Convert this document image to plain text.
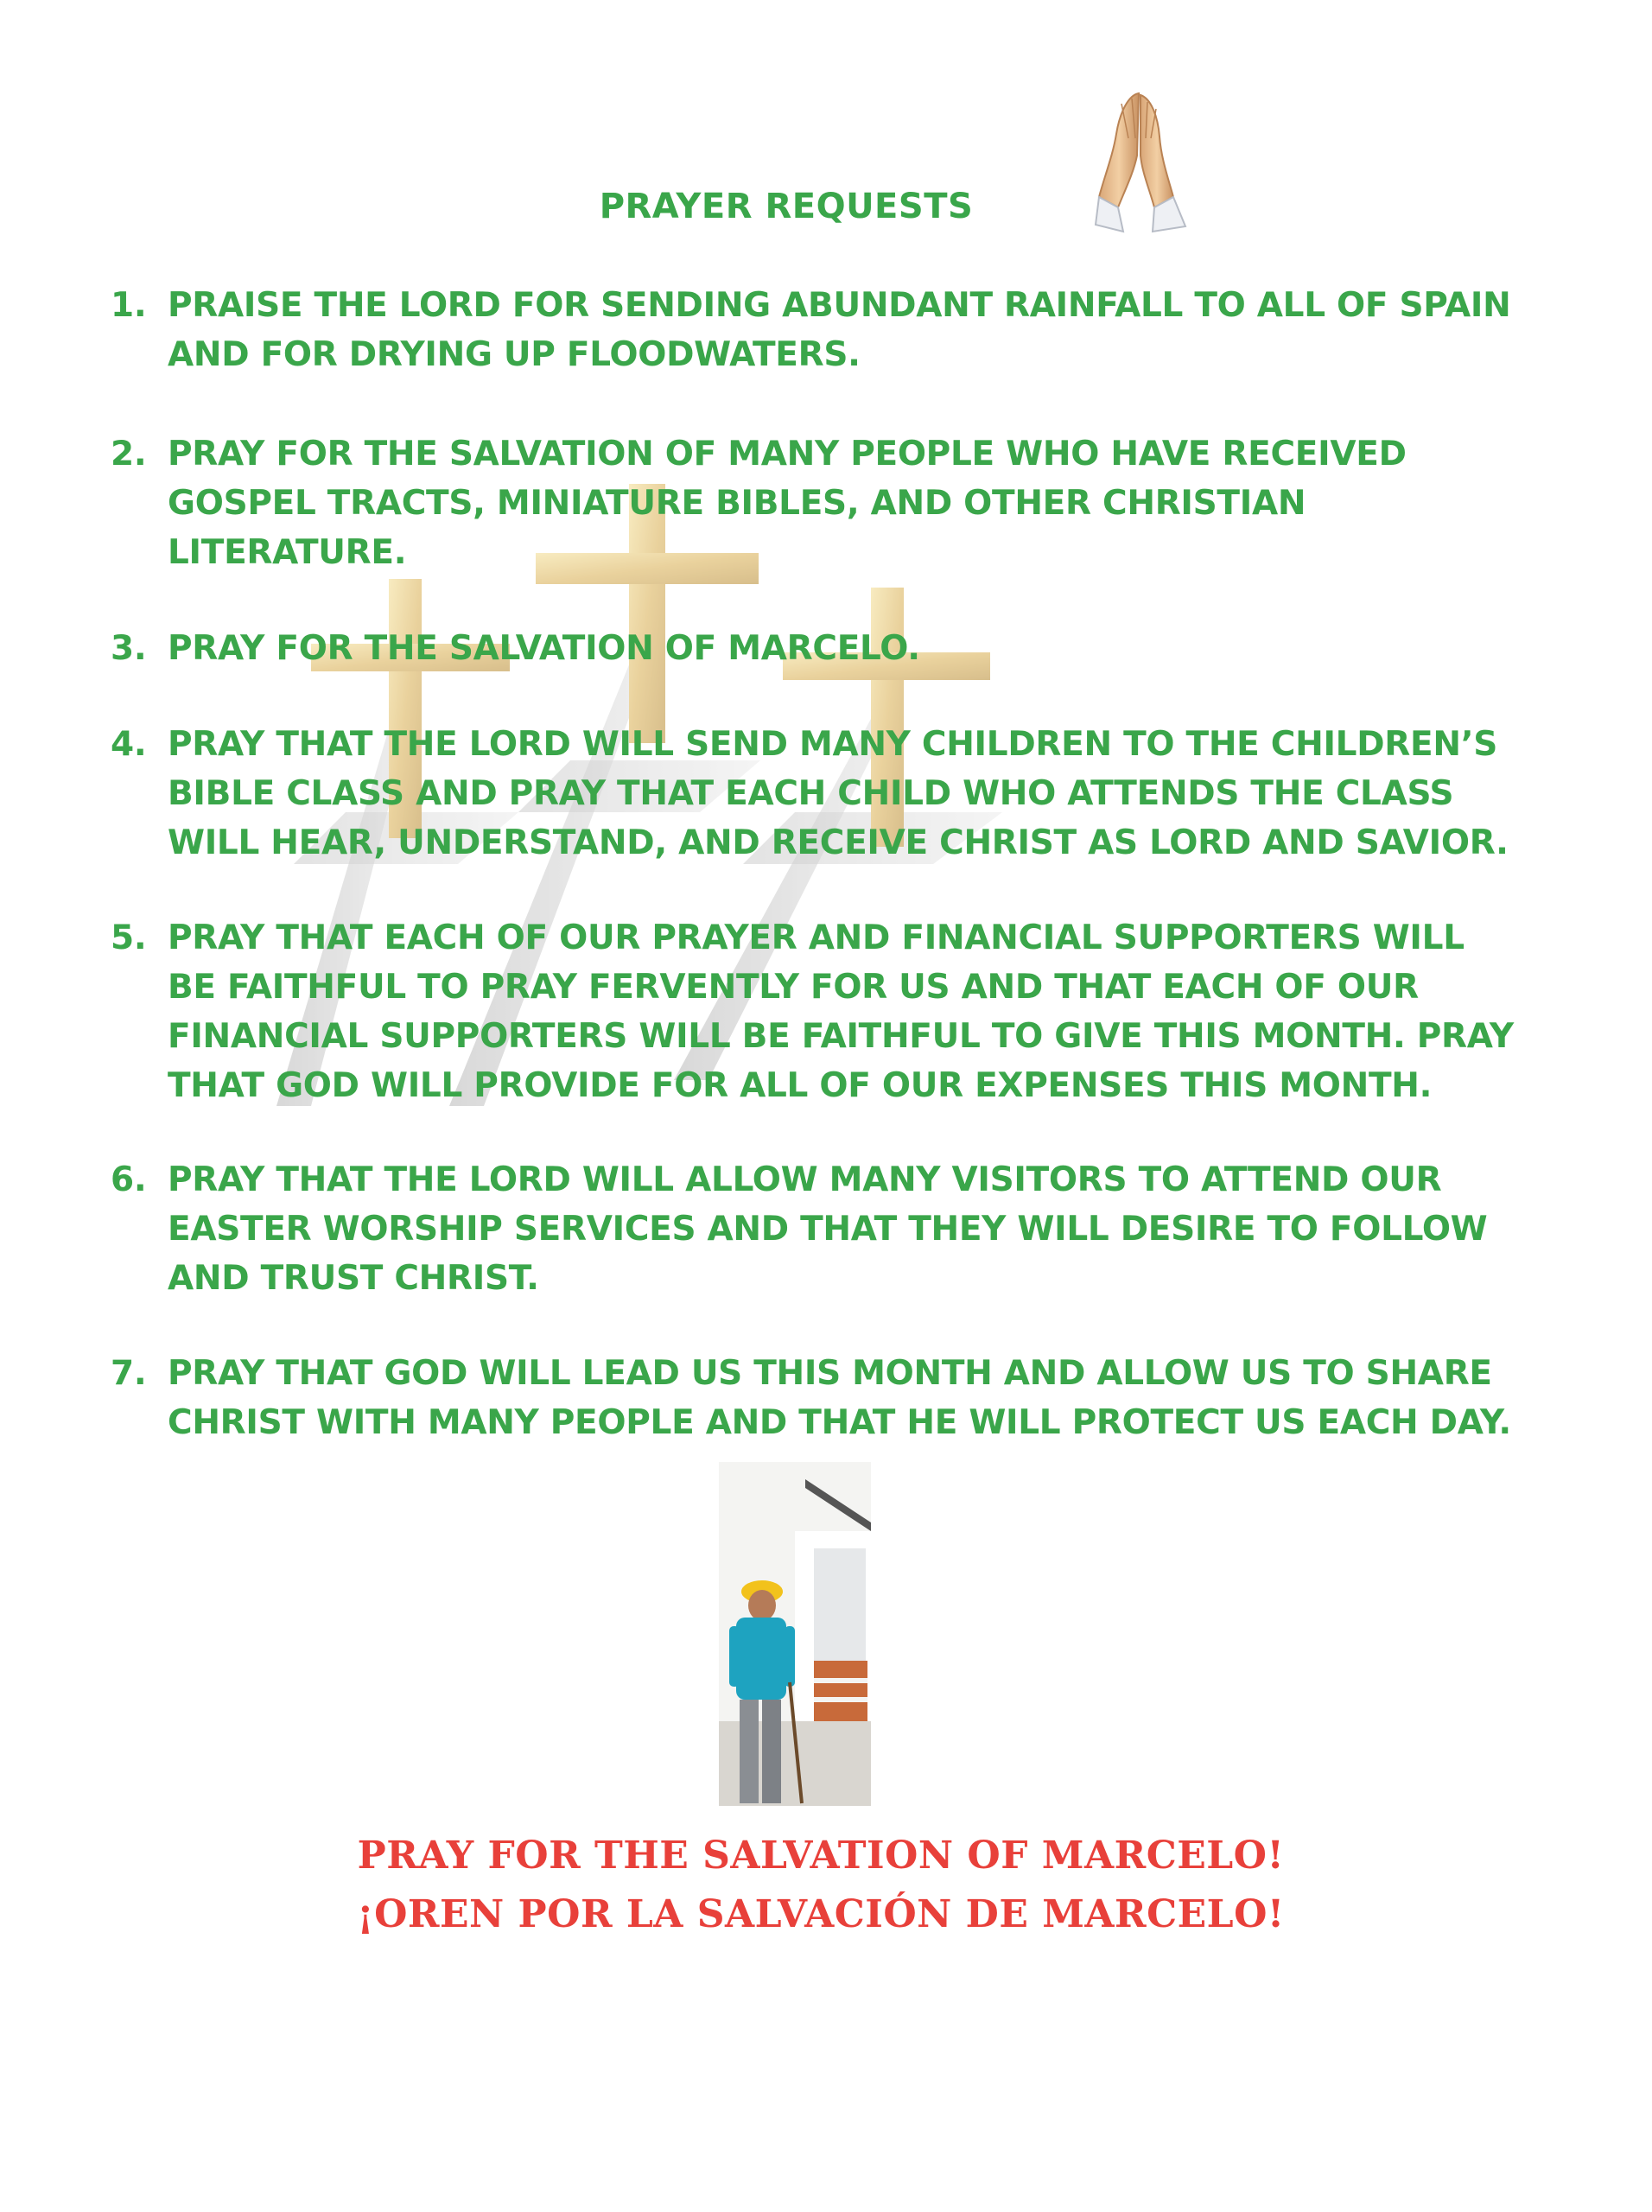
PRAYER REQUESTS
1. PRAISE THE LORD FOR SENDING ABUNDANT RAINFALL TO ALL OF SPAIN
AND FOR DRYING UP FLOODWATERS.
2. PRAY FOR THE SALVATION OF MANY PEOPLE WHO HAVE RECEIVED
GOSPEL TRACTS, MINIATURE BIBLES, AND OTHER CHRISTIAN
LITERATURE.
3. PRAY FOR THE SALVATION OF MARCELO.
4. PRAY THAT THE LORD WILL SEND MANY CHILDREN TO THE CHILDREN’S
BIBLE CLASS AND PRAY THAT EACH CHILD WHO ATTENDS THE CLASS
WILL HEAR, UNDERSTAND, AND RECEIVE CHRIST AS LORD AND SAVIOR.
5. PRAY THAT EACH OF OUR PRAYER AND FINANCIAL SUPPORTERS WILL
BE FAITHFUL TO PRAY FERVENTLY FOR US AND THAT EACH OF OUR
FINANCIAL SUPPORTERS WILL BE FAITHFUL TO GIVE THIS MONTH. PRAY
THAT GOD WILL PROVIDE FOR ALL OF OUR EXPENSES THIS MONTH.
6. PRAY THAT THE LORD WILL ALLOW MANY VISITORS TO ATTEND OUR
EASTER WORSHIP SERVICES AND THAT THEY WILL DESIRE TO FOLLOW
AND TRUST CHRIST.
7. PRAY THAT GOD WILL LEAD US THIS MONTH AND ALLOW US TO SHARE
CHRIST WITH MANY PEOPLE AND THAT HE WILL PROTECT US EACH DAY.
PRAY FOR THE SALVATION OF MARCELO!
¡OREN POR LA SALVACIÓN DE MARCELO!
